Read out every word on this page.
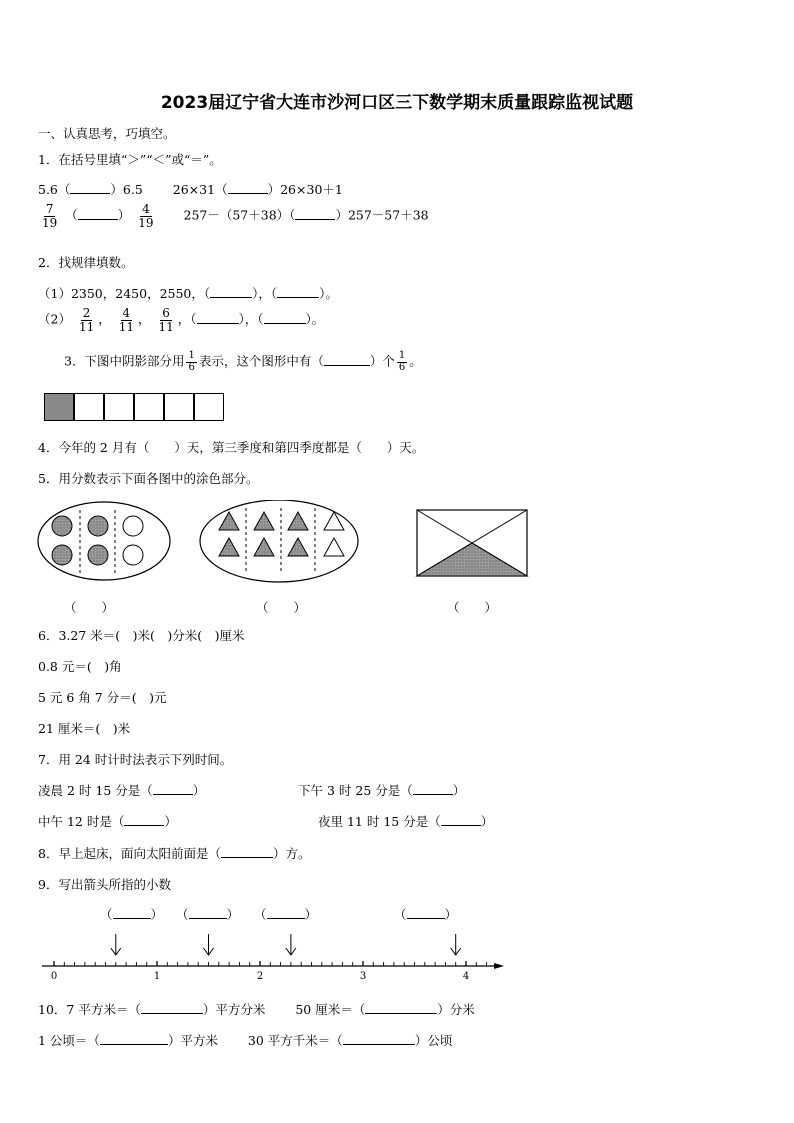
2023届辽宁省大连市沙河口区三下数学期末质量跟踪监视试题
一、认真思考，巧填空。
1．在括号里填“＞”“＜”或“＝”。
5.6（	）6.5 26×31（	）26×30＋1
$\frac{7}{19}$ （	） $\frac{4}{19} 257-(57+38)$（	）257－57＋38
2．找规律填数。
（1）2350，2450，2550，（	），（	）。
$(2) \frac{2}{11}$ ， $\frac{4}{11}$ ， $\frac{6}{11}$ ，（	），（	）。
3．下图中阴影部分用 $\frac{1}{6}$ 表示，这个图形中有（	）个 $\frac{1}{6}$ 。
4．今年的 2 月有（　　）天，第三季度和第四季度都是（　　）天。
5．用分数表示下面各图中的涂色部分。
（　　）	（　　）	（　　）
6．3.27 米＝(　)米(　)分米(　)厘米
0.8 元＝(　)角
5 元 6 角 7 分＝(　)元
21 厘米＝(　)米
7．用 24 时计时法表示下列时间。
凌晨 2 时 15 分是（	）	下午 3 时 25 分是（	）
中午 12 时是（	）	夜里 11 时 15 分是（	）
8．早上起床，面向太阳前面是（	）方。
9．写出箭头所指的小数
（	） （	） （	）	（	）
0	1	2	3	4
10．7 平方米＝（	）平方分米 50 厘米＝（	）分米
1 公顷＝（	）平方米 30 平方千米＝（	）公顷
